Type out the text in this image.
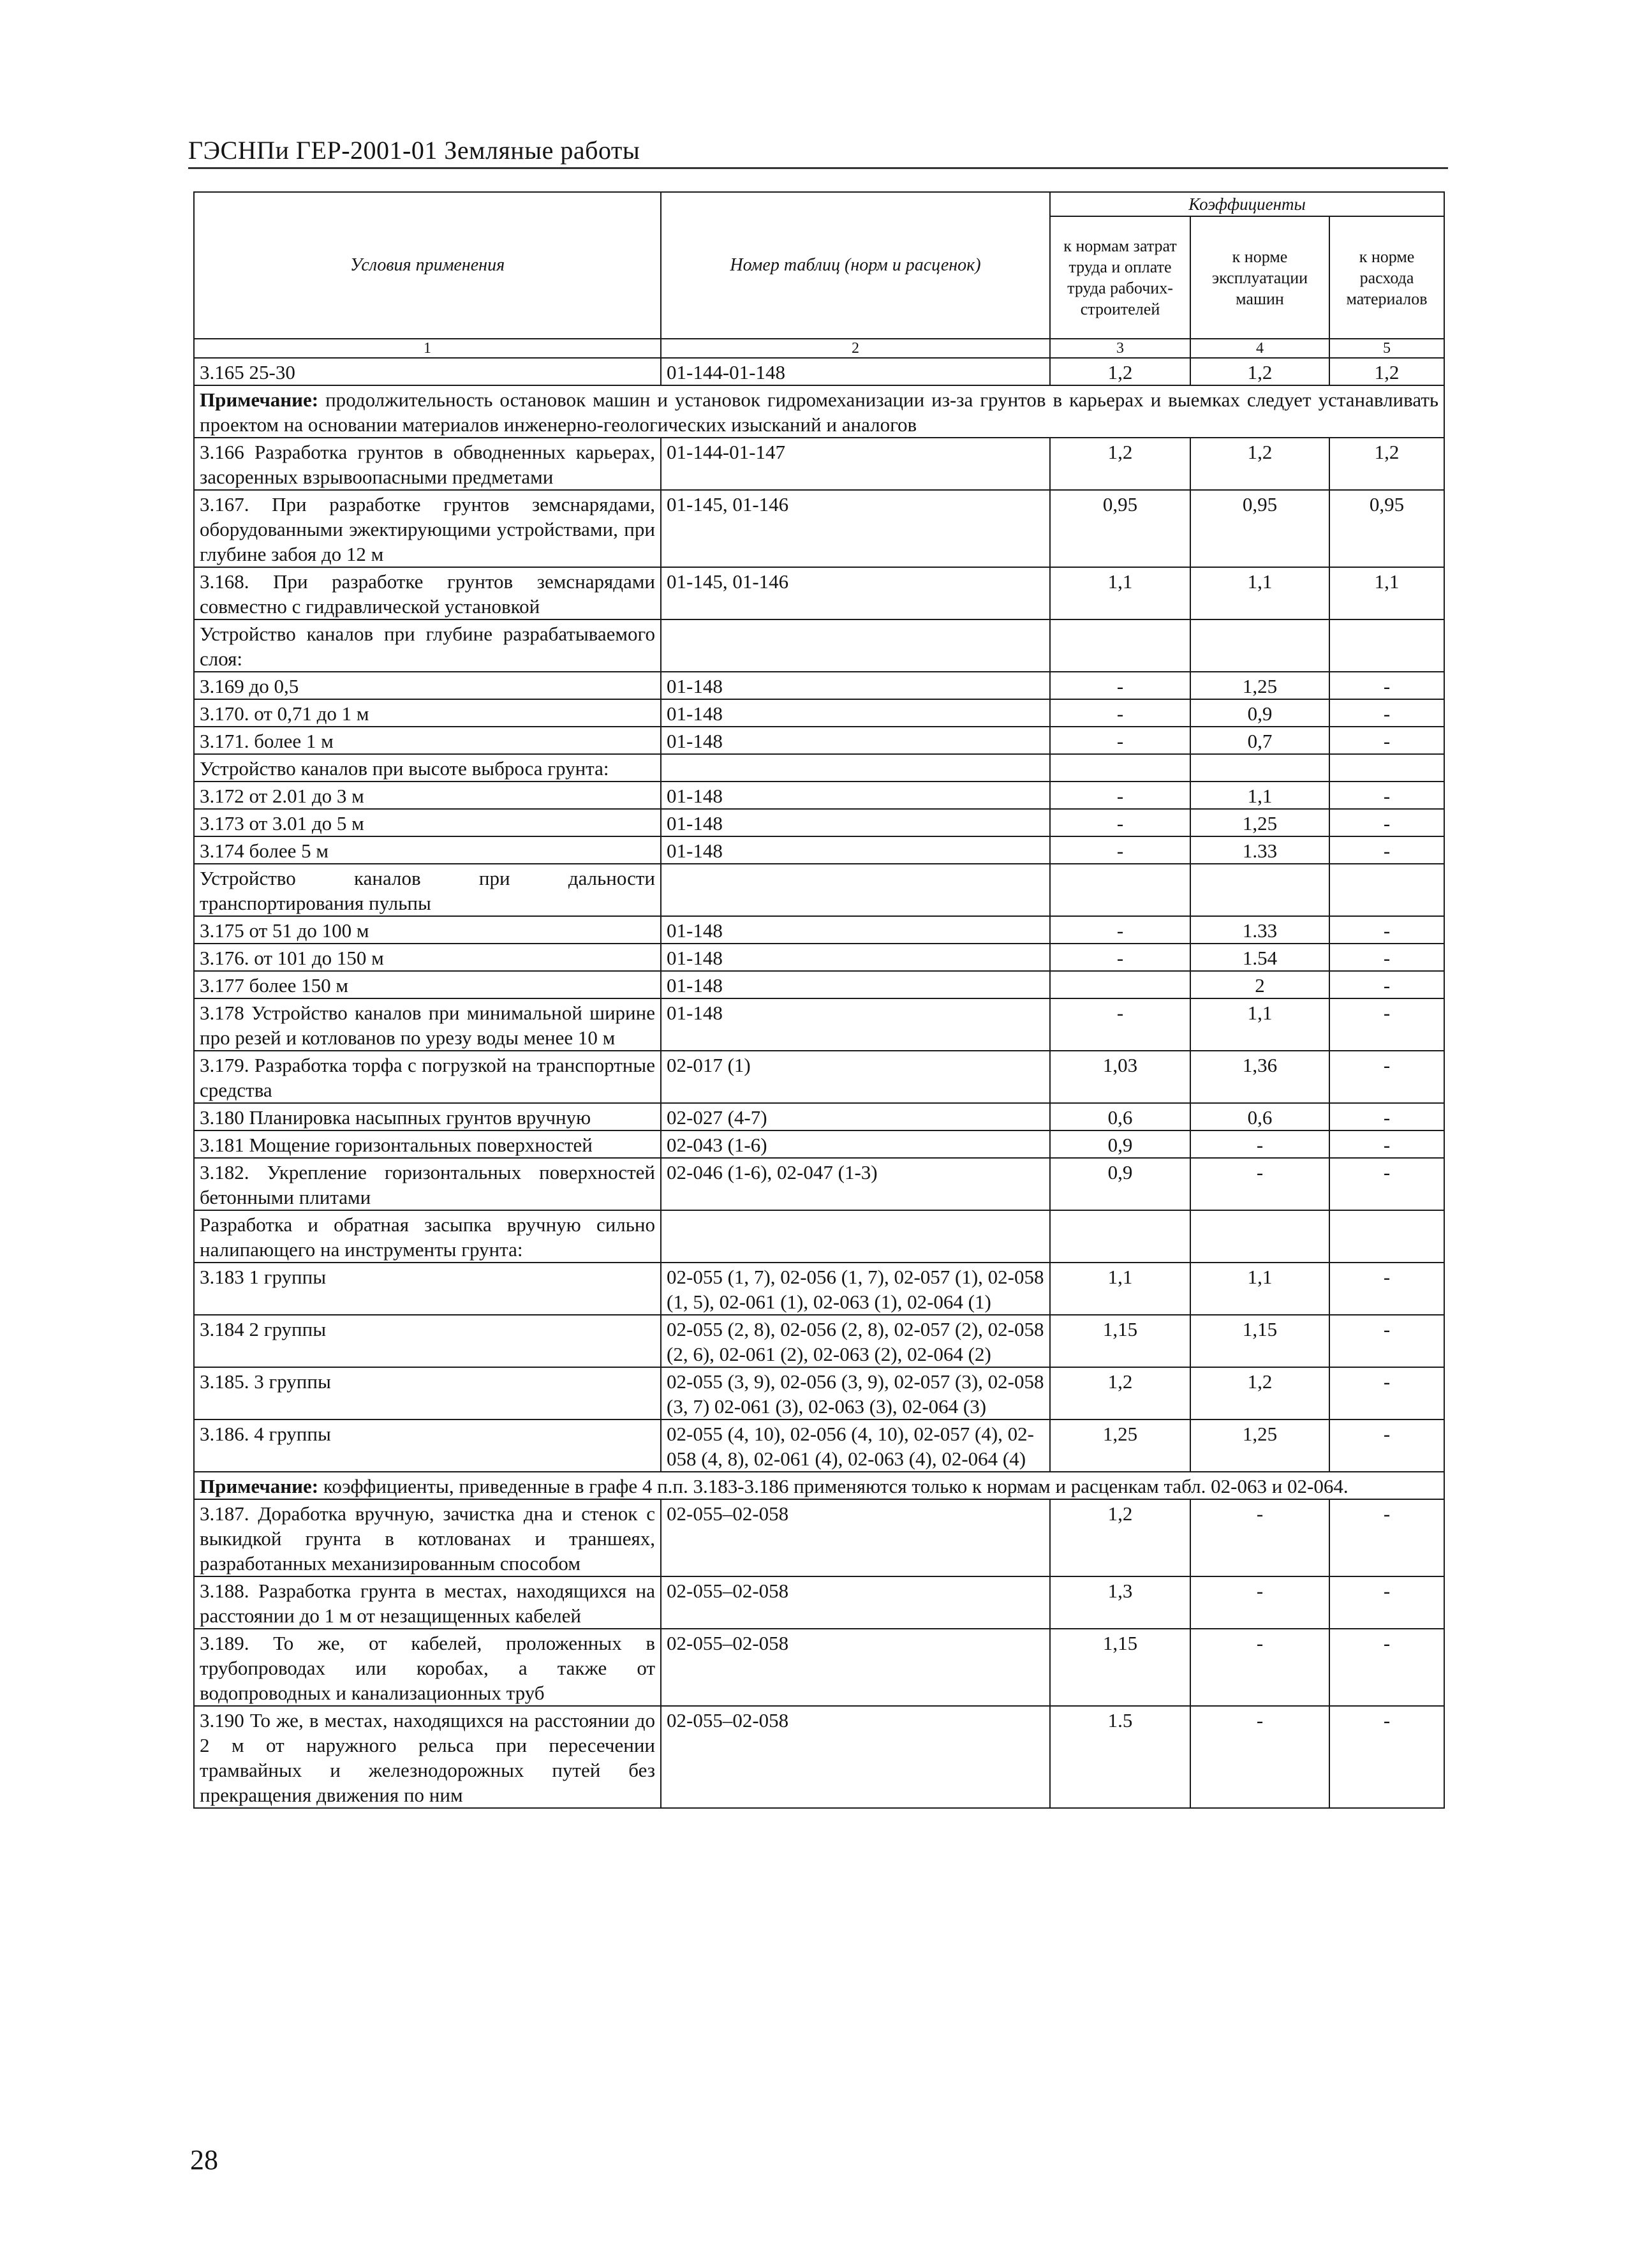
ГЭСНПи ГЕР-2001-01 Земляные работы
Условия применения	Номер таблиц (норм и расценок)	Коэффициенты		
		к нормам затрат труда и оплате труда рабочих-строителей	к норме эксплуатации машин	к норме расхода материалов
1	2	3	4	5
3.165 25-30	01-144-01-148	1,2	1,2	1,2
Примечание: продолжительность остановок машин и установок гидромеханизации из-за грунтов в карьерах и выемках следует устанавливать проектом на основании материалов инженерно-геологических изысканий и аналогов				
3.166 Разработка грунтов в обводненных карьерах, засоренных взрывоопасными предметами	01-144-01-147	1,2	1,2	1,2
3.167. При разработке грунтов земснарядами, оборудованными эжектирующими устройствами, при глубине забоя до 12 м	01-145, 01-146	0,95	0,95	0,95
3.168. При разработке грунтов земснарядами совместно с гидравлической установкой	01-145, 01-146	1,1	1,1	1,1
Устройство каналов при глубине разрабатываемого слоя:				
3.169 до 0,5	01-148	-	1,25	-
3.170. от 0,71 до 1 м	01-148	-	0,9	-
3.171. более 1 м	01-148	-	0,7	-
Устройство каналов при высоте выброса грунта:				
3.172 от 2.01 до 3 м	01-148	-	1,1	-
3.173 от 3.01 до 5 м	01-148	-	1,25	-
3.174 более 5 м	01-148	-	1.33	-
Устройство каналов при дальности транспортирования пульпы				
3.175 от 51 до 100 м	01-148	-	1.33	-
3.176. от 101 до 150 м	01-148	-	1.54	-
3.177 более 150 м	01-148		2	-
3.178 Устройство каналов при минимальной ширине про резей и котлованов по урезу воды менее 10 м	01-148	-	1,1	-
3.179. Разработка торфа с погрузкой на транспортные средства	02-017 (1)	1,03	1,36	-
3.180 Планировка насыпных грунтов вручную	02-027 (4-7)	0,6	0,6	-
3.181 Мощение горизонтальных поверхностей	02-043 (1-6)	0,9	-	-
3.182. Укрепление горизонтальных поверхностей бетонными плитами	02-046 (1-6), 02-047 (1-3)	0,9	-	-
Разработка и обратная засыпка вручную сильно налипающего на инструменты грунта:				
3.183 1 группы	02-055 (1, 7), 02-056 (1, 7), 02-057 (1), 02-058 (1, 5), 02-061 (1), 02-063 (1), 02-064 (1)	1,1	1,1	-
3.184 2 группы	02-055 (2, 8), 02-056 (2, 8), 02-057 (2), 02-058 (2, 6), 02-061 (2), 02-063 (2), 02-064 (2)	1,15	1,15	-
3.185. 3 группы	02-055 (3, 9), 02-056 (3, 9), 02-057 (3), 02-058 (3, 7) 02-061 (3), 02-063 (3), 02-064 (3)	1,2	1,2	-
3.186. 4 группы	02-055 (4, 10), 02-056 (4, 10), 02-057 (4), 02-058 (4, 8), 02-061 (4), 02-063 (4), 02-064 (4)	1,25	1,25	-
Примечание: коэффициенты, приведенные в графе 4 п.п. 3.183-3.186 применяются только к нормам и расценкам табл. 02-063 и 02-064.				
3.187. Доработка вручную, зачистка дна и стенок с выкидкой грунта в котлованах и траншеях, разработанных механизированным способом	02-055–02-058	1,2	-	-
3.188. Разработка грунта в местах, находящихся на расстоянии до 1 м от незащищенных кабелей	02-055–02-058	1,3	-	-
3.189. То же, от кабелей, проложенных в трубопроводах или коробах, а также от водопроводных и канализационных труб	02-055–02-058	1,15	-	-
3.190 То же, в местах, находящихся на расстоянии до 2 м от наружного рельса при пересечении трамвайных и железнодорожных путей без прекращения движения по ним	02-055–02-058	1.5	-	-
28
